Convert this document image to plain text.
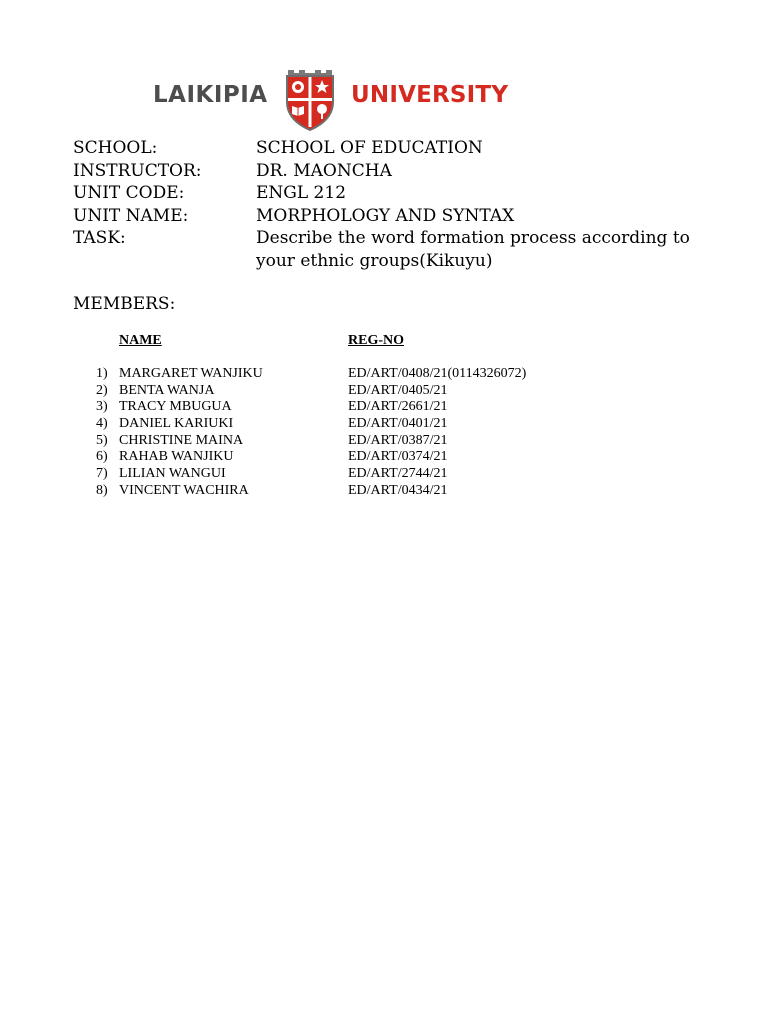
LAIKIPIA	UNIVERSITY
SCHOOL:	SCHOOL OF EDUCATION
INSTRUCTOR:	DR. MAONCHA
UNIT CODE:	ENGL 212
UNIT NAME:	MORPHOLOGY AND SYNTAX
TASK:	Describe the word formation process according to your ethnic groups(Kikuyu)
MEMBERS:
NAME	REG-NO
1) MARGARET WANJIKU	ED/ART/0408/21(0114326072)
2) BENTA WANJA	ED/ART/0405/21
3) TRACY MBUGUA	ED/ART/2661/21
4) DANIEL KARIUKI	ED/ART/0401/21
5) CHRISTINE MAINA	ED/ART/0387/21
6) RAHAB WANJIKU	ED/ART/0374/21
7) LILIAN WANGUI	ED/ART/2744/21
8) VINCENT WACHIRA	ED/ART/0434/21
